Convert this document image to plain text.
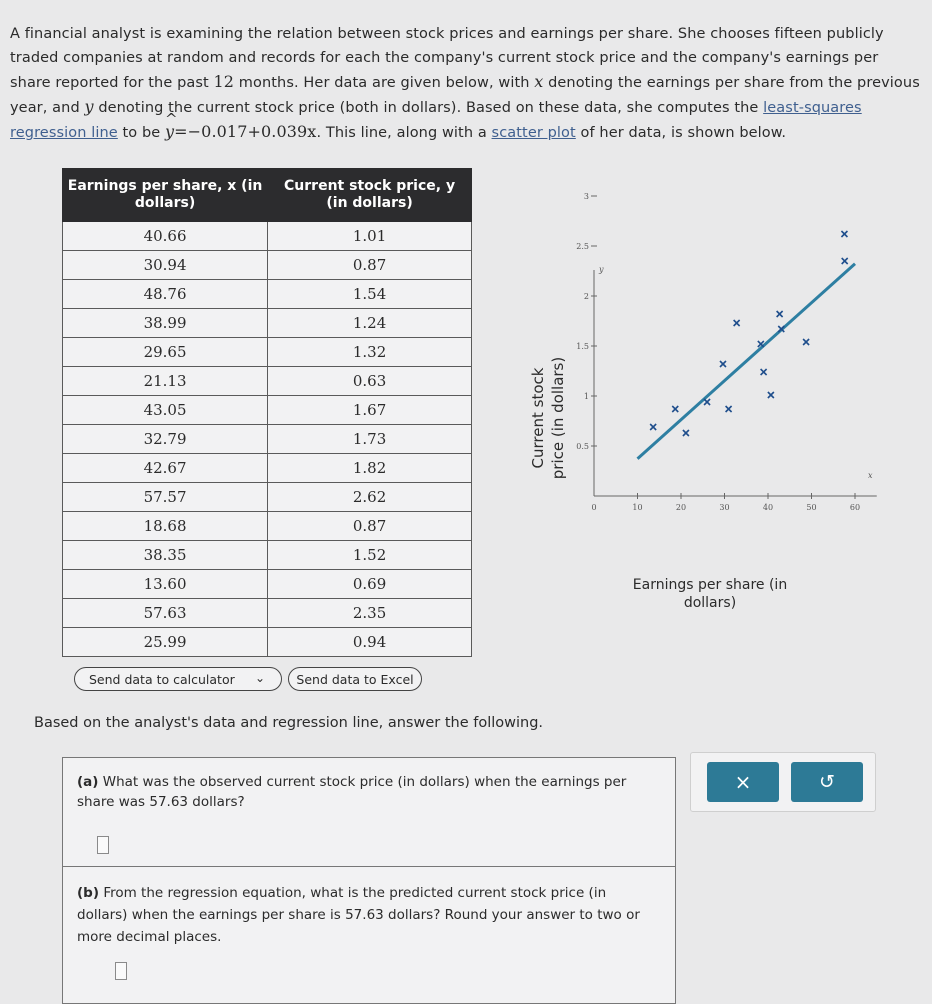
A financial analyst is examining the relation between stock prices and earnings per share. She chooses fifteen publicly traded companies at random and records for each the company's current stock price and the company's earnings per share reported for the past 12 months. Her data are given below, with x denoting the earnings per share from the previous year, and y denoting the current stock price (both in dollars). Based on these data, she computes the least-squares regression line to be ^ y=−0.017+0.039x. This line, along with a scatter plot of her data, is shown below.
Earnings per share, x (in dollars)	Current stock price, y (in dollars)
40.66	1.01
30.94	0.87
48.76	1.54
38.99	1.24
29.65	1.32
21.13	0.63
43.05	1.67
32.79	1.73
42.67	1.82
57.57	2.62
18.68	0.87
38.35	1.52
13.60	0.69
57.63	2.35
25.99	0.94
Send data to calculator ⌄	Send data to Excel
Current stock price (in dollars)
y
x
0.5
1
1.5
2
2.5
3
0	10	20	30	40	50	60
Earnings per share (in dollars)
Based on the analyst's data and regression line, answer the following.
(a) What was the observed current stock price (in dollars) when the earnings per share was 57.63 dollars?
(b) From the regression equation, what is the predicted current stock price (in dollars) when the earnings per share is 57.63 dollars? Round your answer to two or more decimal places.
×	↺
